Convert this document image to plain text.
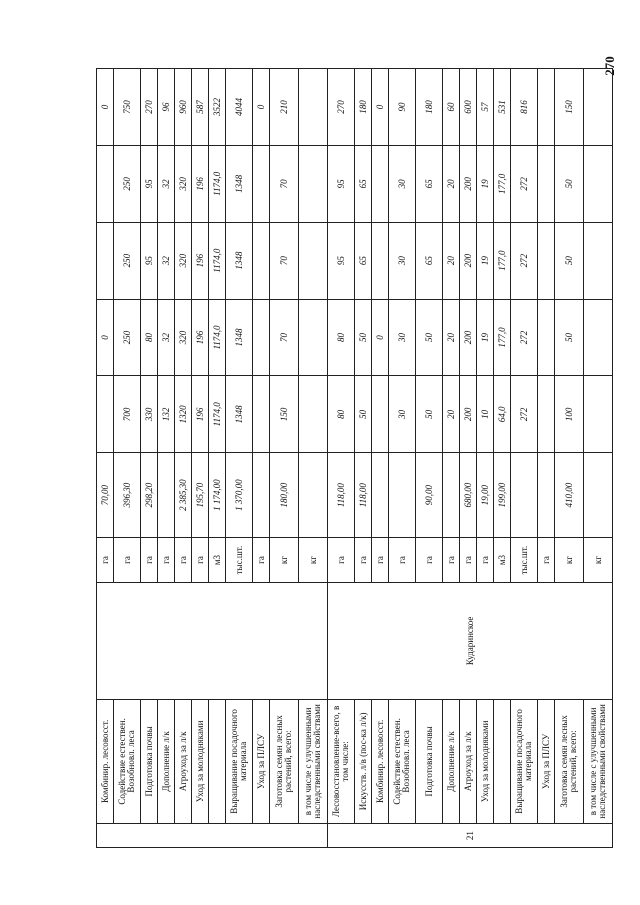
270
	Комбинир. лесовосст.		га	70,00		0			0
	Содействие естествен. Возобновл. леса		га	396,30	700	250	250	250	750
	Подготовка почвы		га	298,20	330	80	95	95	270
	Дополнение л/к		га		132	32	32	32	96
	Агроуход за л/к		га	2 385,30	1320	320	320	320	960
	Уход за молодняками		га	195,70	196	196	196	196	587
			м3	1 174,00	1174,0	1174,0	1174,0	1174,0	3522
	Выращивание посадочного материала		тыс.шт.	1 370,00	1348	1348	1348	1348	4044
	Уход за ПЛСУ		га						0
	Заготовка семян лесных растений, всего:		кг	180,00	150	70	70	70	210
	в том числе с улучшенными наследственными свойствами		кг						
21	Лесовосстановление-всего, в том числе:	Кударинское	га	118,00	80	80	95	95	270
	Искусств. л/в (пос-ка л/к)		га	118,00	50	50	65	65	180
	Комбинир. лесовосст.		га			0			0
	Содействие естествен. Возобновл. леса		га		30	30	30	30	90
	Подготовка почвы		га	90,00	50	50	65	65	180
	Дополнение л/к		га		20	20	20	20	60
	Агроуход за л/к		га	680,00	200	200	200	200	600
	Уход за молодняками		га	19,00	10	19	19	19	57
			м3	199,00	64,0	177,0	177,0	177,0	531
	Выращивание посадочного материала		тыс.шт.		272	272	272	272	816
	Уход за ПЛСУ		га						
	Заготовка семян лесных растений, всего:		кг	410,00	100	50	50	50	150
	в том числе с улучшенными наследственными свойствами		кг						
